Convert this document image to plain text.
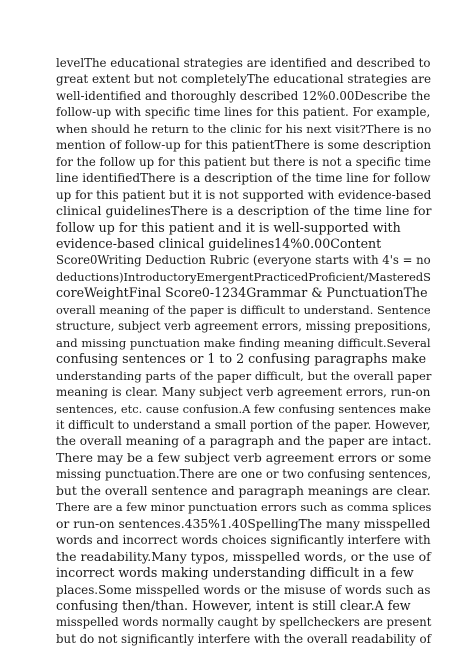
levelThe educational strategies are identified and described to
great extent but not completelyThe educational strategies are
well-identified and thoroughly described 12%0.00Describe the
follow-up with specific time lines for this patient. For example,
when should he return to the clinic for his next visit?There is no
mention of follow-up for this patientThere is some description
for the follow up for this patient but there is not a specific time
line identifiedThere is a description of the time line for follow
up for this patient but it is not supported with evidence-based
clinical guidelinesThere is a description of the time line for
follow up for this patient and it is well-supported with
evidence-based clinical guidelines14%0.00Content
Score0Writing Deduction Rubric (everyone starts with 4's = no
deductions)IntroductoryEmergentPracticedProficient/MasteredS
coreWeightFinal Score0-1234Grammar & PunctuationThe
overall meaning of the paper is difficult to understand. Sentence
structure, subject verb agreement errors, missing prepositions,
and missing punctuation make finding meaning difficult.Several
confusing sentences or 1 to 2 confusing paragraphs make
understanding parts of the paper difficult, but the overall paper
meaning is clear. Many subject verb agreement errors, run-on
sentences, etc. cause confusion.A few confusing sentences make
it difficult to understand a small portion of the paper. However,
the overall meaning of a paragraph and the paper are intact.
There may be a few subject verb agreement errors or some
missing punctuation.There are one or two confusing sentences,
but the overall sentence and paragraph meanings are clear.
There are a few minor punctuation errors such as comma splices
or run-on sentences.435%1.40SpellingThe many misspelled
words and incorrect words choices significantly interfere with
the readability.Many typos, misspelled words, or the use of
incorrect words making understanding difficult in a few
places.Some misspelled words or the misuse of words such as
confusing then/than. However, intent is still clear.A few
misspelled words normally caught by spellcheckers are present
but do not significantly interfere with the overall readability of
